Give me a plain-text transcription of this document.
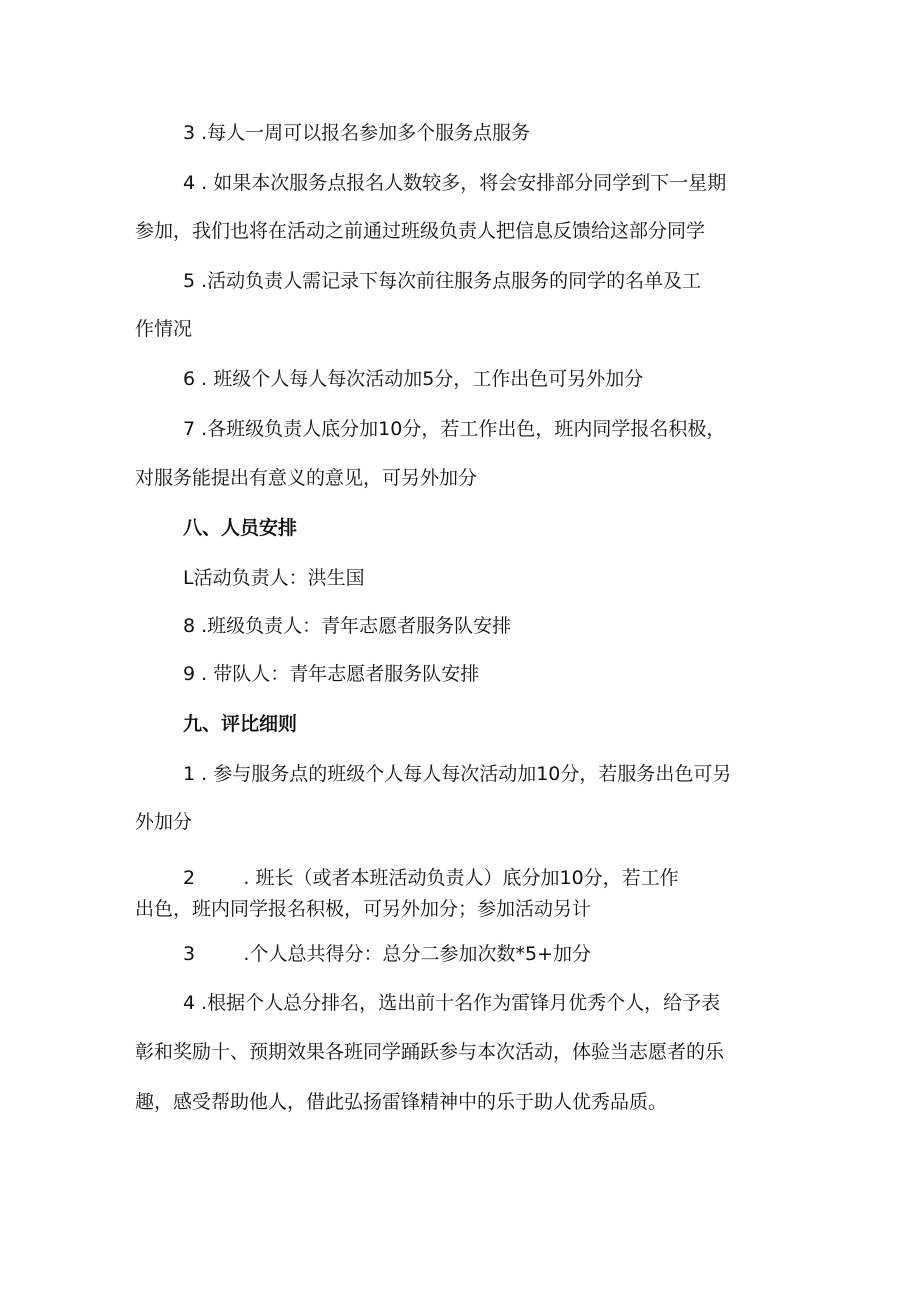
3 .每人一周可以报名参加多个服务点服务
4 . 如果本次服务点报名人数较多，将会安排部分同学到下一星期
参加，我们也将在活动之前通过班级负责人把信息反馈给这部分同学
5 .活动负责人需记录下每次前往服务点服务的同学的名单及工
作情况
6 . 班级个人每人每次活动加5分，工作出色可另外加分
7 .各班级负责人底分加10分，若工作出色，班内同学报名积极，
对服务能提出有意义的意见，可另外加分
八、人员安排
L活动负责人：洪生国
8 .班级负责人：青年志愿者服务队安排
9 . 带队人：青年志愿者服务队安排
九、评比细则
1 . 参与服务点的班级个人每人每次活动加10分，若服务出色可另
外加分
2        . 班长（或者本班活动负责人）底分加10分，若工作
出色，班内同学报名积极，可另外加分；参加活动另计
3        .个人总共得分：总分二参加次数*5+加分
4 .根据个人总分排名，选出前十名作为雷锋月优秀个人，给予表
彰和奖励十、预期效果各班同学踊跃参与本次活动，体验当志愿者的乐
趣，感受帮助他人，借此弘扬雷锋精神中的乐于助人优秀品质。
